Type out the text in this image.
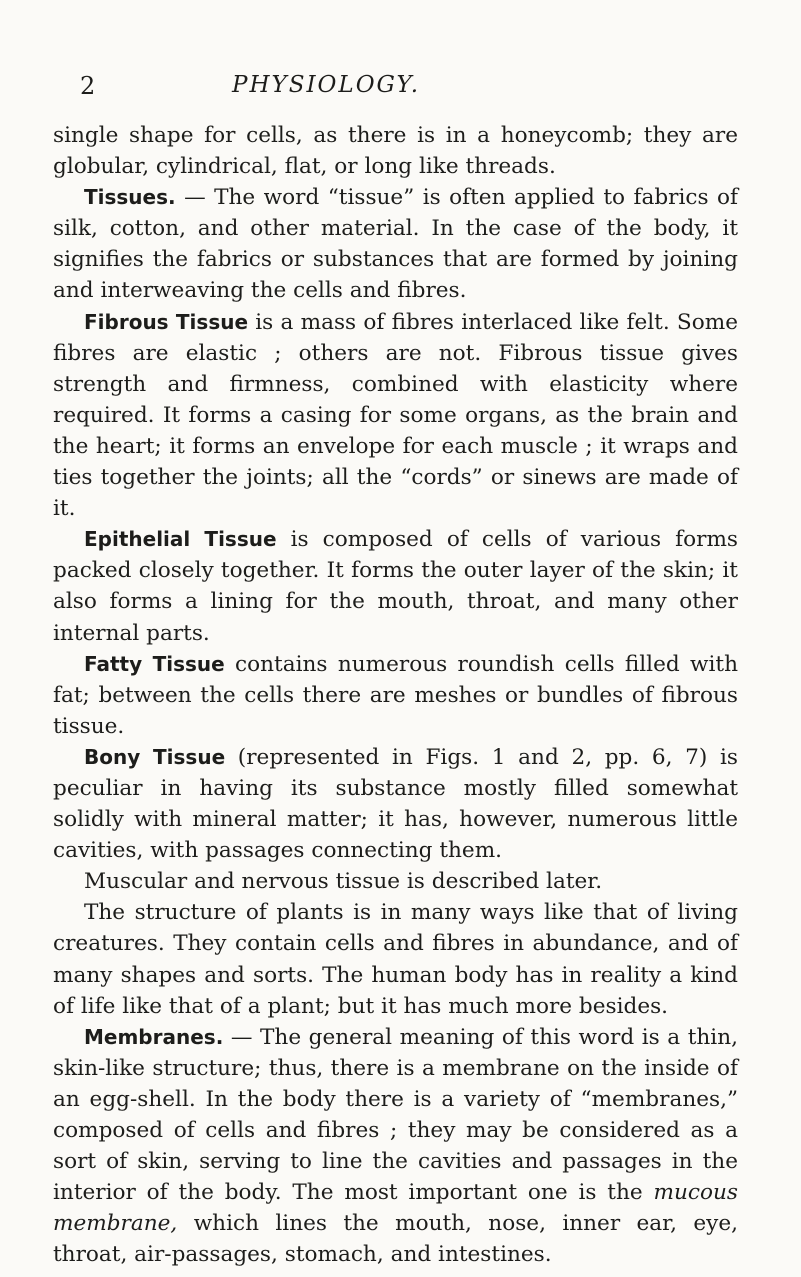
2	PHYSIOLOGY.

single shape for cells, as there is in a honeycomb; they are globular, cylindrical, flat, or long like threads.

Tissues. — The word “tissue” is often applied to fabrics of silk, cotton, and other material. In the case of the body, it signifies the fabrics or substances that are formed by joining and interweaving the cells and fibres.

Fibrous Tissue is a mass of fibres interlaced like felt. Some fibres are elastic ; others are not. Fibrous tissue gives strength and firmness, combined with elasticity where required. It forms a casing for some organs, as the brain and the heart; it forms an envelope for each muscle ; it wraps and ties together the joints; all the “cords” or sinews are made of it.

Epithelial Tissue is composed of cells of various forms packed closely together. It forms the outer layer of the skin; it also forms a lining for the mouth, throat, and many other internal parts.

Fatty Tissue contains numerous roundish cells filled with fat; between the cells there are meshes or bundles of fibrous tissue.

Bony Tissue (represented in Figs. 1 and 2, pp. 6, 7) is peculiar in having its substance mostly filled somewhat solidly with mineral matter; it has, however, numerous little cavities, with passages connecting them.

Muscular and nervous tissue is described later.

The structure of plants is in many ways like that of living creatures. They contain cells and fibres in abundance, and of many shapes and sorts. The human body has in reality a kind of life like that of a plant; but it has much more besides.

Membranes. — The general meaning of this word is a thin, skin-like structure; thus, there is a membrane on the inside of an egg-shell. In the body there is a variety of “membranes,” composed of cells and fibres ; they may be considered as a sort of skin, serving to line the cavities and passages in the interior of the body. The most important one is the mucous membrane, which lines the mouth, nose, inner ear, eye, throat, air-passages, stomach, and intestines.
